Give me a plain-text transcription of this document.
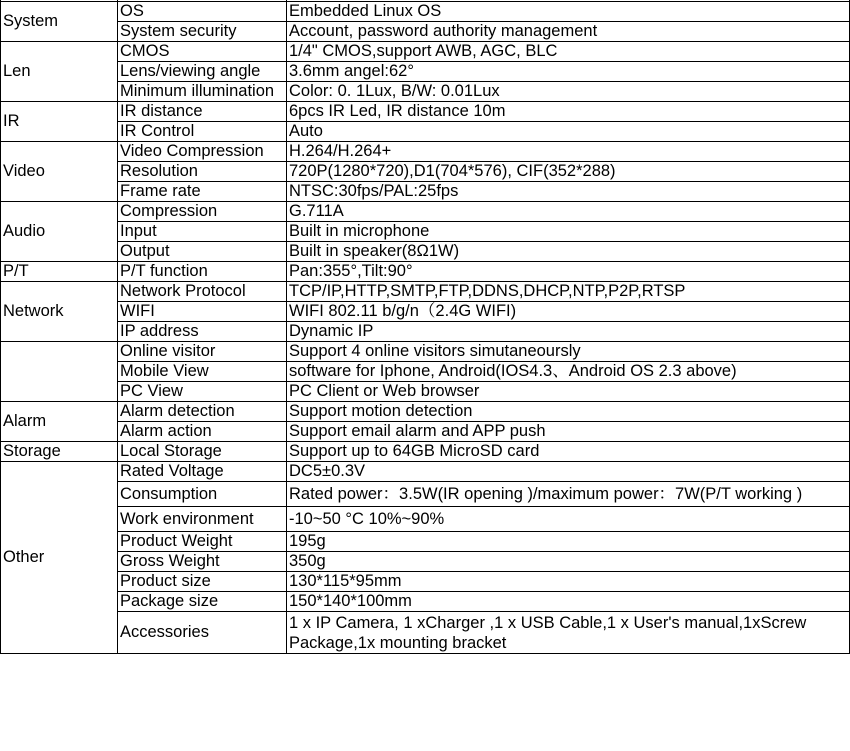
System	OS	Embedded Linux OS
	System security	Account, password authority management
Len	CMOS	1/4" CMOS,support AWB, AGC, BLC
	Lens/viewing angle	3.6mm angel:62°
	Minimum illumination	Color: 0. 1Lux, B/W: 0.01Lux
IR	IR distance	6pcs IR Led, IR distance 10m
	IR Control	Auto
Video	Video Compression	H.264/H.264+
	Resolution	720P(1280*720),D1(704*576), CIF(352*288)
	Frame rate	NTSC:30fps/PAL:25fps
Audio	Compression	G.711A
	Input	Built in microphone
	Output	Built in speaker(8Ω1W)
P/T	P/T function	Pan:355°,Tilt:90°
Network	Network Protocol	TCP/IP,HTTP,SMTP,FTP,DDNS,DHCP,NTP,P2P,RTSP
	WIFI	WIFI 802.11 b/g/n（2.4G WIFI)
	IP address	Dynamic IP
	Online visitor	Support 4 online visitors simutaneoursly
	Mobile View	software for Iphone, Android(IOS4.3、Android OS 2.3 above)
	PC View	PC Client or Web browser
Alarm	Alarm detection	Support motion detection
	Alarm action	Support email alarm and APP push
Storage	Local Storage	Support up to 64GB MicroSD card
Other	Rated Voltage	DC5±0.3V
	Consumption	Rated power：3.5W(IR opening )/maximum power：7W(P/T working )
	Work environment	-10~50 °C 10%~90%
	Product Weight	195g
	Gross Weight	350g
	Product size	130*115*95mm
	Package size	150*140*100mm
	Accessories	1 x IP Camera, 1 xCharger ,1 x USB Cable,1 x User's manual,1xScrew Package,1x mounting bracket
